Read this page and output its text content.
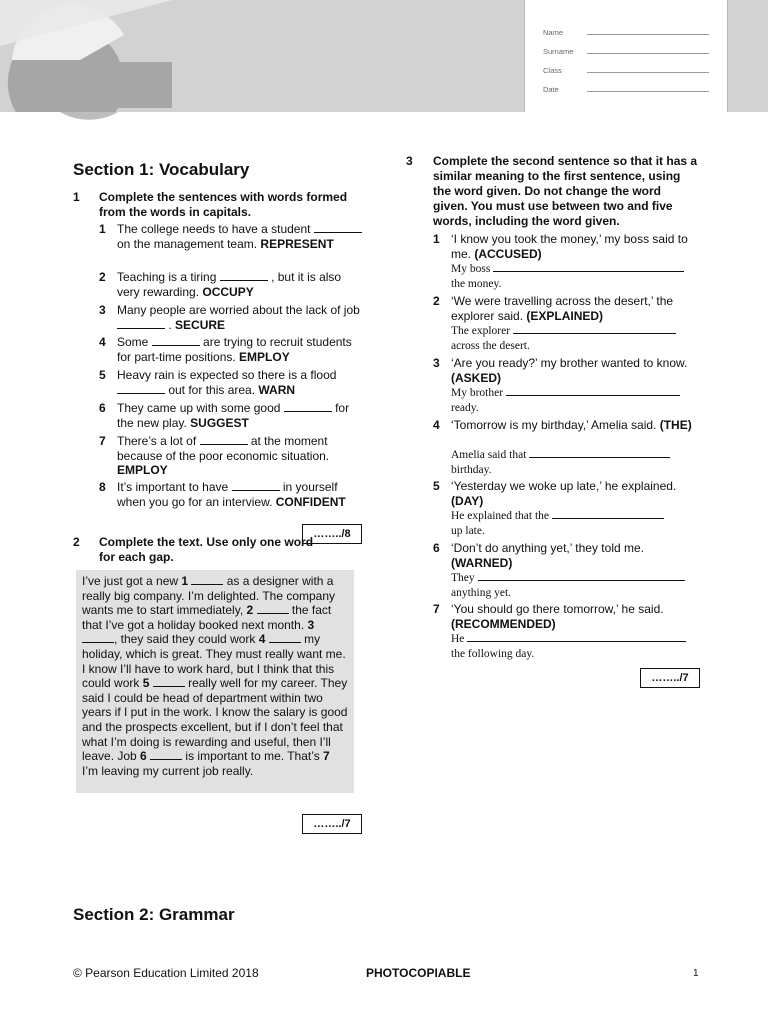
Name
Surname
Class
Date
Section 1: Vocabulary
1 Complete the sentences with words formed from the words in capitals.
1 The college needs to have a student  on the management team. REPRESENT
2 Teaching is a tiring	, but it is also very rewarding. OCCUPY
3 Many people are worried about the lack of job  . SECURE
4 Some	are trying to recruit students for part-time positions. EMPLOY
5 Heavy rain is expected so there is a flood  out for this area. WARN
6 They came up with some good	for the new play. SUGGEST
7 There’s a lot of	at the moment because of the poor economic situation. EMPLOY
8 It’s important to have	in yourself when you go for an interview. CONFIDENT
……../8
2 Complete the text. Use only one word for each gap.
I’ve just got a new 1	as a designer with a really big company. I’m delighted. The company wants me to start immediately, 2	the fact that I’ve got a holiday booked next month. 3 , they said they could work 4	my holiday, which is great. They must really want me. I know I’ll have to work hard, but I think that this could work 5	really well for my career. They said I could be head of department within two years if I put in the work. I know the salary is good and the prospects excellent, but if I don’t feel that what I’m doing is rewarding and useful, then I’ll leave. Job 6	is important to me. That’s 7 I’m leaving my current job really.
……../7
3 Complete the second sentence so that it has a similar meaning to the first sentence, using the word given. Do not change the word given. You must use between two and five words, including the word given.
1 ‘I know you took the money,’ my boss said to me. (ACCUSED)
My boss
the money.
2 ‘We were travelling across the desert,’ the explorer said. (EXPLAINED)
The explorer
across the desert.
3 ‘Are you ready?’ my brother wanted to know. (ASKED)
My brother
ready.
4 ‘Tomorrow is my birthday,’ Amelia said. (THE)
Amelia said that
birthday.
5 ‘Yesterday we woke up late,’ he explained. (DAY)
He explained that the
up late.
6 ‘Don’t do anything yet,’ they told me. (WARNED)
They
anything yet.
7 ‘You should go there tomorrow,’ he said. (RECOMMENDED)
He
the following day.
……../7
Section 2: Grammar
© Pearson Education Limited 2018	PHOTOCOPIABLE	1
